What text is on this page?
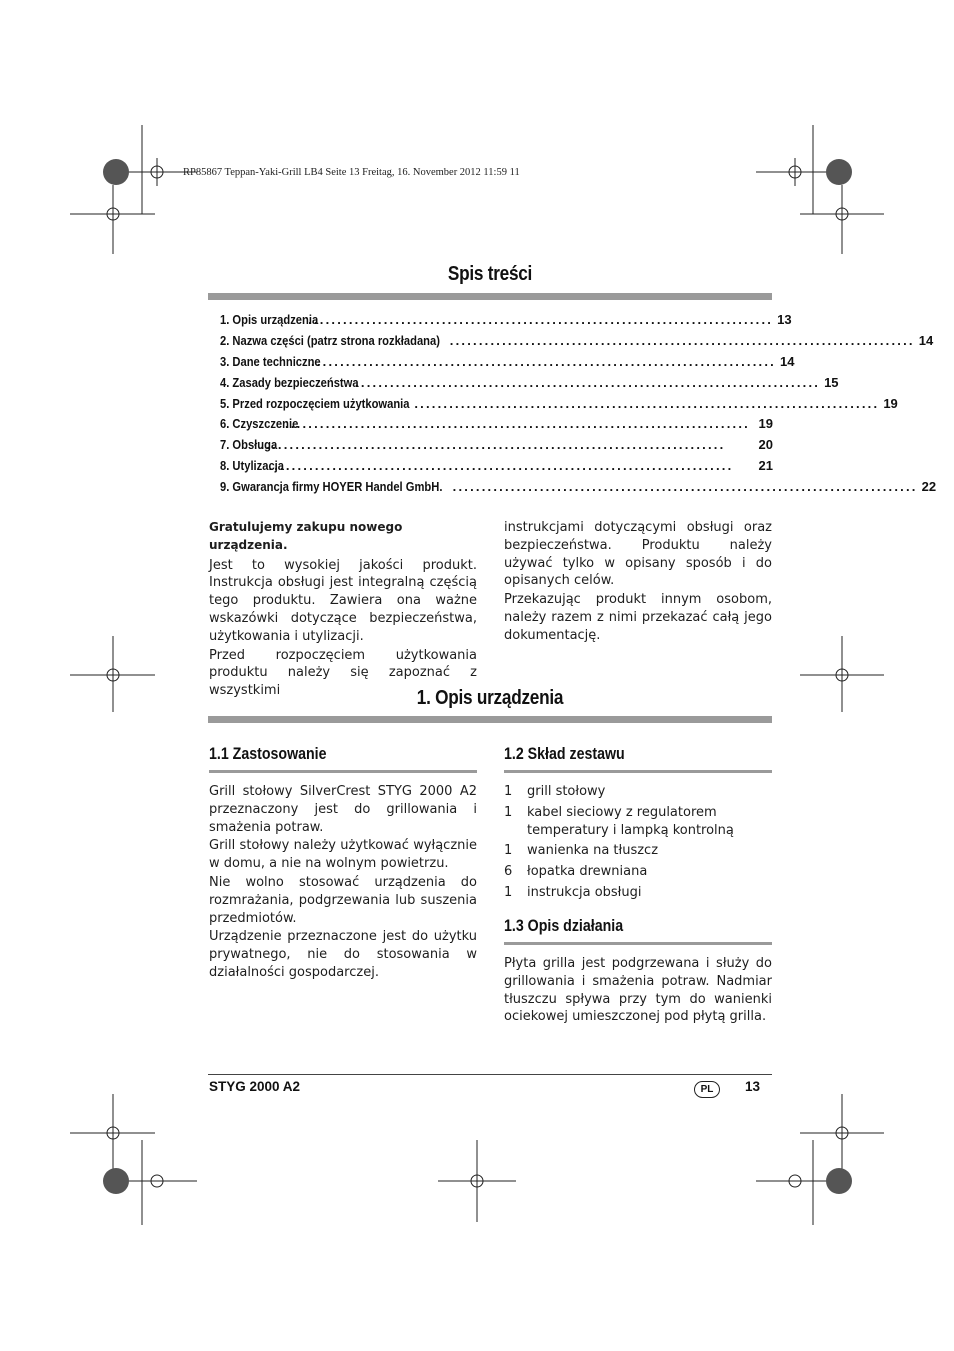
RP85867 Teppan-Yaki-Grill LB4 Seite 13 Freitag, 16. November 2012 11:59 11
Spis treści
1. Opis urządzenia
................................................................................ 13
2. Nazwa części (patrz strona rozkładana) ................................................................................ 14
3. Dane techniczne
................................................................................ 14
4. Zasady bezpieczeństwa
................................................................................ 15
5. Przed rozpoczęciem użytkowania ................................................................................ 19
6. Czyszczenie
................................................................................ 19
7. Obsługa
................................................................................	20
8. Utylizacja
................................................................................	21
9. Gwarancja firmy HOYER Handel GmbH. ................................................................................ 22

Gratulujemy zakupu nowego urządzenia.

Jest to wysokiej jakości produkt. Instrukcja obsługi jest integralną częścią tego produktu. Zawiera ona ważne wskazówki dotyczące bezpieczeństwa, użytkowania i utylizacji.

Przed rozpoczęciem użytkowania produktu należy się zapoznać z wszystkimi

instrukcjami dotyczącymi obsługi oraz bezpieczeństwa. Produktu należy używać tylko w opisany sposób i do opisanych celów.

Przekazując produkt innym osobom, należy razem z nimi przekazać całą jego dokumentację.

1. Opis urządzenia
1.1 Zastosowanie

Grill stołowy SilverCrest STYG 2000 A2 przeznaczony jest do grillowania i smażenia potraw.

Grill stołowy należy użytkować wyłącznie w domu, a nie na wolnym powietrzu.

Nie wolno stosować urządzenia do rozmrażania, podgrzewania lub suszenia przedmiotów.

Urządzenie przeznaczone jest do użytku prywatnego, nie do stosowania w działalności gospodarczej.

1.2 Skład zestawu
1	grill stołowy
1	kabel sieciowy z regulatorem temperatury i lampką kontrolną
1	wanienka na tłuszcz
6	łopatka drewniana
1	instrukcja obsługi
1.3 Opis działania

Płyta grilla jest podgrzewana i służy do grillowania i smażenia potraw. Nadmiar tłuszczu spływa przy tym do wanienki ociekowej umieszczonej pod płytą grilla.

STYG 2000 A2	PL	13
